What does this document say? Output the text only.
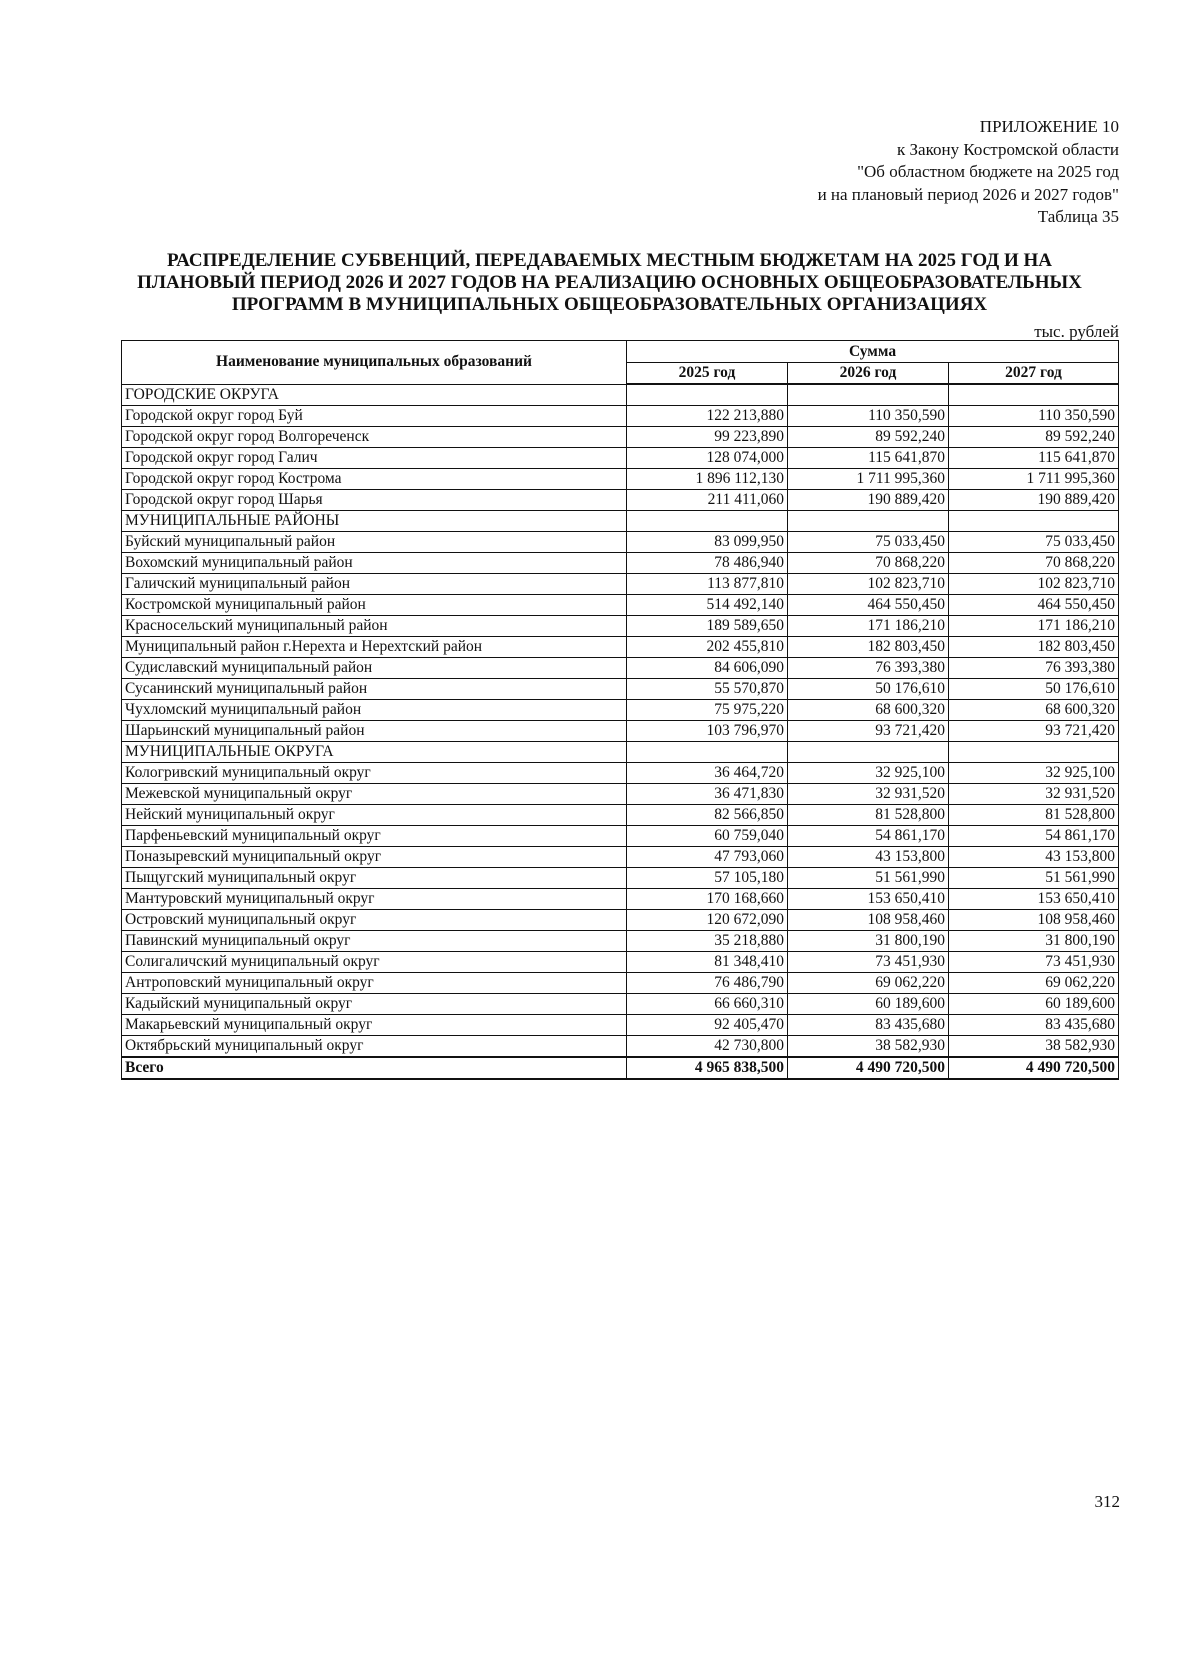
ПРИЛОЖЕНИЕ 10
к Закону Костромской области
"Об областном бюджете на 2025 год
и на плановый период 2026 и 2027 годов"
Таблица 35
РАСПРЕДЕЛЕНИЕ СУБВЕНЦИЙ, ПЕРЕДАВАЕМЫХ МЕСТНЫМ БЮДЖЕТАМ НА 2025 ГОД И НА
ПЛАНОВЫЙ ПЕРИОД 2026 И 2027 ГОДОВ НА РЕАЛИЗАЦИЮ ОСНОВНЫХ ОБЩЕОБРАЗОВАТЕЛЬНЫХ
ПРОГРАММ В МУНИЦИПАЛЬНЫХ ОБЩЕОБРАЗОВАТЕЛЬНЫХ ОРГАНИЗАЦИЯХ
тыс. рублей
Наименование муниципальных образований	Сумма		
	2025 год	2026 год	2027 год
ГОРОДСКИЕ ОКРУГА			
Городской округ город Буй	122 213,880	110 350,590	110 350,590
Городской округ город Волгореченск	99 223,890	89 592,240	89 592,240
Городской округ город Галич	128 074,000	115 641,870	115 641,870
Городской округ город Кострома	1 896 112,130	1 711 995,360	1 711 995,360
Городской округ город Шарья	211 411,060	190 889,420	190 889,420
МУНИЦИПАЛЬНЫЕ РАЙОНЫ			
Буйский муниципальный район	83 099,950	75 033,450	75 033,450
Вохомский муниципальный район	78 486,940	70 868,220	70 868,220
Галичский муниципальный район	113 877,810	102 823,710	102 823,710
Костромской муниципальный район	514 492,140	464 550,450	464 550,450
Красносельский муниципальный район	189 589,650	171 186,210	171 186,210
Муниципальный район г.Нерехта и Нерехтский район	202 455,810	182 803,450	182 803,450
Судиславский муниципальный район	84 606,090	76 393,380	76 393,380
Сусанинский муниципальный район	55 570,870	50 176,610	50 176,610
Чухломский муниципальный район	75 975,220	68 600,320	68 600,320
Шарьинский муниципальный район	103 796,970	93 721,420	93 721,420
МУНИЦИПАЛЬНЫЕ ОКРУГА			
Кологривский муниципальный округ	36 464,720	32 925,100	32 925,100
Межевской муниципальный округ	36 471,830	32 931,520	32 931,520
Нейский муниципальный округ	82 566,850	81 528,800	81 528,800
Парфеньевский муниципальный округ	60 759,040	54 861,170	54 861,170
Поназыревский муниципальный округ	47 793,060	43 153,800	43 153,800
Пыщугский муниципальный округ	57 105,180	51 561,990	51 561,990
Мантуровский муниципальный округ	170 168,660	153 650,410	153 650,410
Островский муниципальный округ	120 672,090	108 958,460	108 958,460
Павинский муниципальный округ	35 218,880	31 800,190	31 800,190
Солигаличский муниципальный округ	81 348,410	73 451,930	73 451,930
Антроповский муниципальный округ	76 486,790	69 062,220	69 062,220
Кадыйский муниципальный округ	66 660,310	60 189,600	60 189,600
Макарьевский муниципальный округ	92 405,470	83 435,680	83 435,680
Октябрьский муниципальный округ	42 730,800	38 582,930	38 582,930
Всего	4 965 838,500	4 490 720,500	4 490 720,500
312
